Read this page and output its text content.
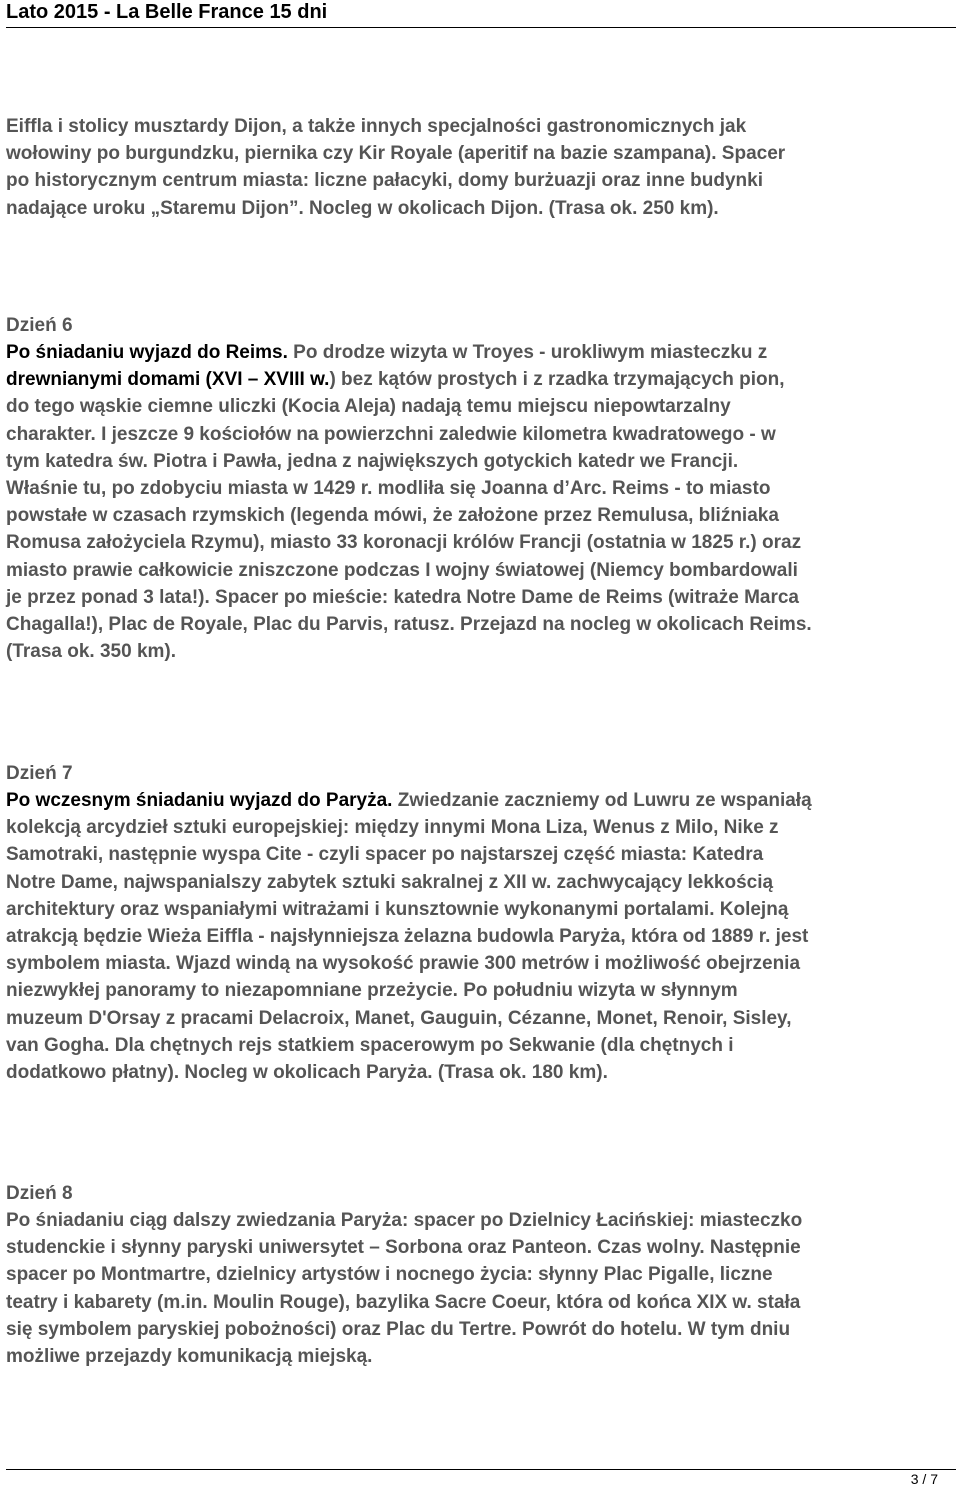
Lato 2015 - La Belle France 15 dni
Eiffla i stolicy musztardy Dijon, a także innych specjalności gastronomicznych jak
wołowiny po burgundzku, piernika czy Kir Royale (aperitif na bazie szampana). Spacer
po historycznym centrum miasta: liczne pałacyki, domy burżuazji oraz inne budynki
nadające uroku „Staremu Dijon”. Nocleg w okolicach Dijon. (Trasa ok. 250 km).
Dzień 6
Po śniadaniu wyjazd do Reims. Po drodze wizyta w Troyes - urokliwym miasteczku z
drewnianymi domami (XVI – XVIII w.) bez kątów prostych i z rzadka trzymających pion,
do tego wąskie ciemne uliczki (Kocia Aleja) nadają temu miejscu niepowtarzalny
charakter. I jeszcze 9 kościołów na powierzchni zaledwie kilometra kwadratowego - w
tym katedra św. Piotra i Pawła, jedna z największych gotyckich katedr we Francji.
Właśnie tu, po zdobyciu miasta w 1429 r. modliła się Joanna d’Arc. Reims - to miasto
powstałe w czasach rzymskich (legenda mówi, że założone przez Remulusa, bliźniaka
Romusa założyciela Rzymu), miasto 33 koronacji królów Francji (ostatnia w 1825 r.) oraz
miasto prawie całkowicie zniszczone podczas I wojny światowej (Niemcy bombardowali
je przez ponad 3 lata!). Spacer po mieście: katedra Notre Dame de Reims (witraże Marca
Chagalla!), Plac de Royale, Plac du Parvis, ratusz. Przejazd na nocleg w okolicach Reims.
(Trasa ok. 350 km).
Dzień 7
Po wczesnym śniadaniu wyjazd do Paryża. Zwiedzanie zaczniemy od Luwru ze wspaniałą
kolekcją arcydzieł sztuki europejskiej: między innymi Mona Liza, Wenus z Milo, Nike z
Samotraki, następnie wyspa Cite - czyli spacer po najstarszej część miasta: Katedra
Notre Dame, najwspanialszy zabytek sztuki sakralnej z XII w. zachwycający lekkością
architektury oraz wspaniałymi witrażami i kunsztownie wykonanymi portalami. Kolejną
atrakcją będzie Wieża Eiffla - najsłynniejsza żelazna budowla Paryża, która od 1889 r. jest
symbolem miasta. Wjazd windą na wysokość prawie 300 metrów i możliwość obejrzenia
niezwykłej panoramy to niezapomniane przeżycie. Po południu wizyta w słynnym
muzeum D'Orsay z pracami Delacroix, Manet, Gauguin, Cézanne, Monet, Renoir, Sisley,
van Gogha. Dla chętnych rejs statkiem spacerowym po Sekwanie (dla chętnych i
dodatkowo płatny). Nocleg w okolicach Paryża. (Trasa ok. 180 km).
Dzień 8
Po śniadaniu ciąg dalszy zwiedzania Paryża: spacer po Dzielnicy Łacińskiej: miasteczko
studenckie i słynny paryski uniwersytet – Sorbona oraz Panteon. Czas wolny. Następnie
spacer po Montmartre, dzielnicy artystów i nocnego życia: słynny Plac Pigalle, liczne
teatry i kabarety (m.in. Moulin Rouge), bazylika Sacre Coeur, która od końca XIX w. stała
się symbolem paryskiej pobożności) oraz Plac du Tertre. Powrót do hotelu. W tym dniu
możliwe przejazdy komunikacją miejską.
3 / 7
